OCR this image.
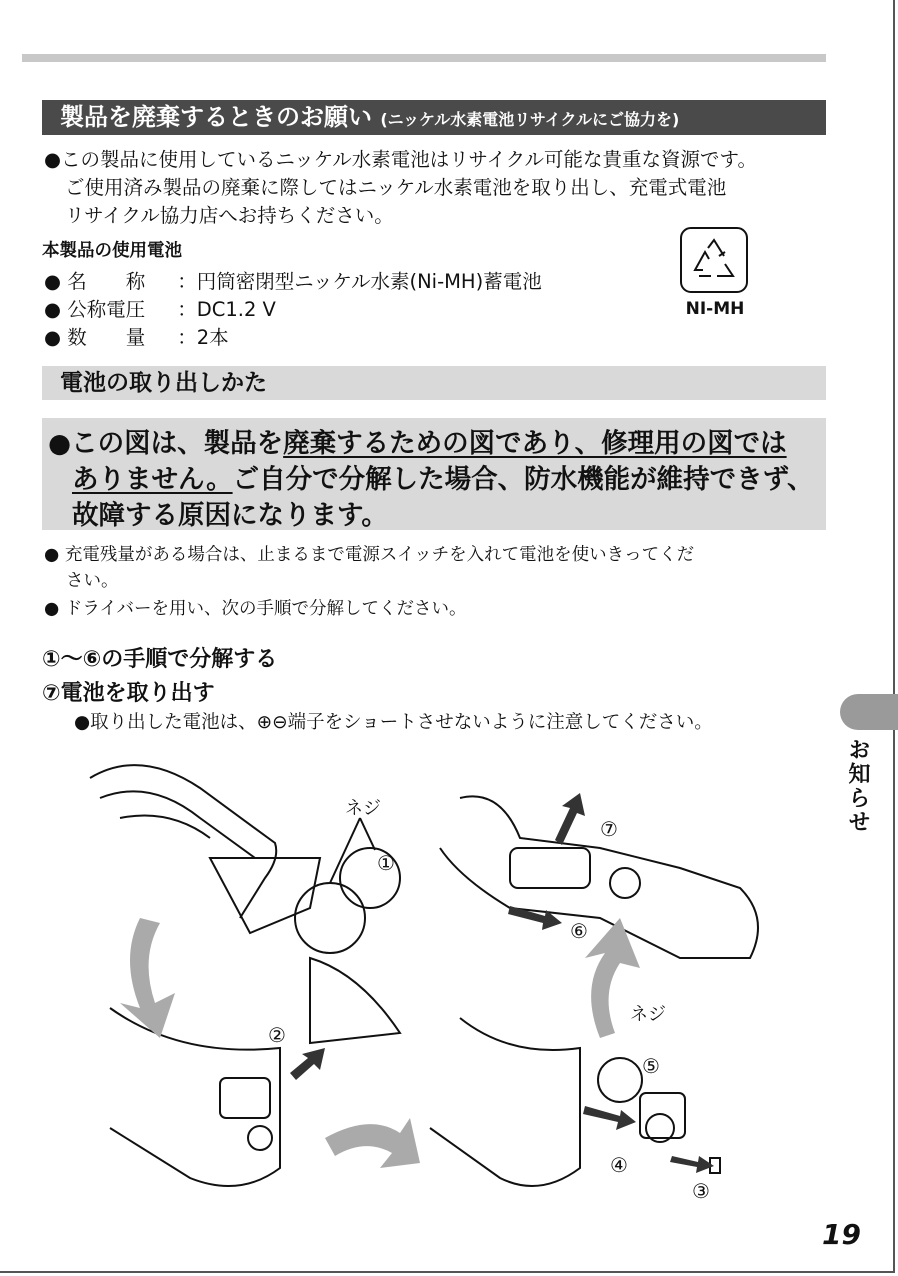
製品を廃棄するときのお願い (ニッケル水素電池リサイクルにご協力を)
●この製品に使用しているニッケル水素電池はリサイクル可能な貴重な資源です。
ご使用済み製品の廃棄に際してはニッケル水素電池を取り出し、充電式電池
リサイクル協力店へお持ちください。
本製品の使用電池
● 名　　称 ：円筒密閉型ニッケル水素(Ni-MH)蓄電池
● 公称電圧 ：DC1.2 V
● 数　　量 ：2本
NI-MH
電池の取り出しかた
●この図は、製品を廃棄するための図であり、修理用の図では
ありません。ご自分で分解した場合、防水機能が維持できず、
故障する原因になります。
● 充電残量がある場合は、止まるまで電源スイッチを入れて電池を使いきってくだ
さい。
● ドライバーを用い、次の手順で分解してください。
①〜⑥の手順で分解する
⑦電池を取り出す
●取り出した電池は、⊕⊖端子をショートさせないように注意してください。
お知らせ
ネジ
ネジ
①
②
③
④
⑤
⑥
⑦
19
